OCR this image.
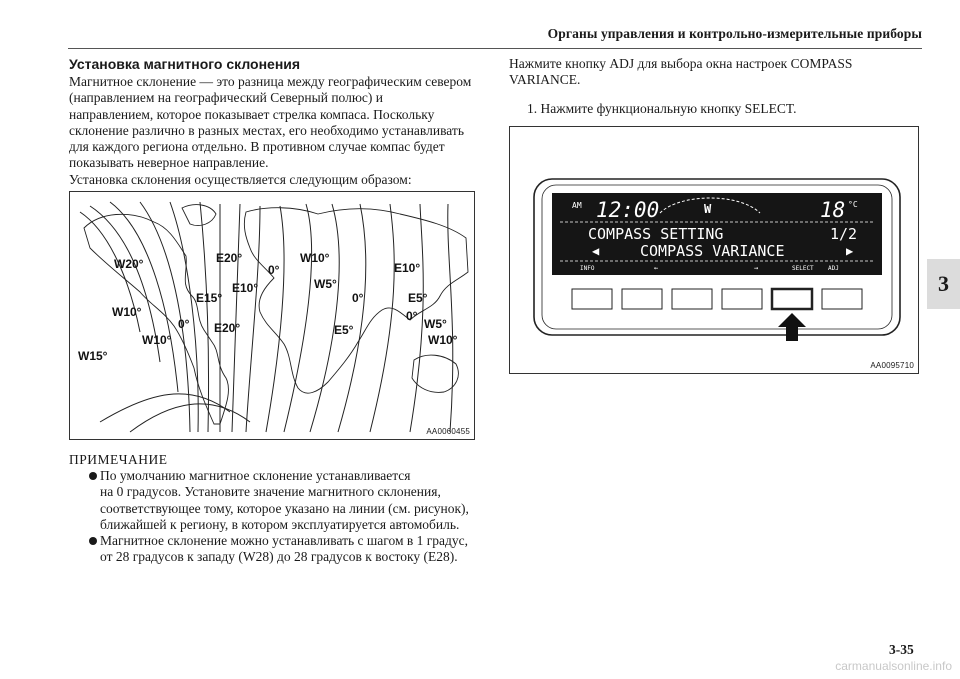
Органы управления и контрольно-измерительные приборы
3
Установка магнитного склонения

Магнитное склонение — это разница между географическим севером

(направлением на географический Северный полюс) и

направлением, которое показывает стрелка компаса. Поскольку

склонение различно в разных местах, его необходимо устанавливать

для каждого региона отдельно. В противном случае компас будет

показывать неверное направление.

Установка склонения осуществляется следующим образом:

W20°	E20°
0°
W10°
E10°
W10°
E15°
E10°	W5°
0°	E5°
0°
W10°
E20°	E5°	W5°
W10°
W15°
0°
AA0060455

ПРИМЕЧАНИЕ

По умолчанию магнитное склонение устанавливается
на 0 градусов. Установите значение магнитного склонения,
соответствующее тому, которое указано на линии (см. рисунок),
ближайшей к региону, в котором эксплуатируется автомобиль.
Магнитное склонение можно устанавливать с шагом в 1 градус,
от 28 градусов к западу (W28) до 28 градусов к востоку (E28).

Нажмите кнопку ADJ для выбора окна настроек COMPASS

VARIANCE.

1. Нажмите функциональную кнопку SELECT.
AM 12:00	W	18 °C
COMPASS SETTING	1/2
◀	COMPASS VARIANCE	▶
INFO	←	→	SELECT ADJ
AA0095710
3-35
carmanualsonline.info
